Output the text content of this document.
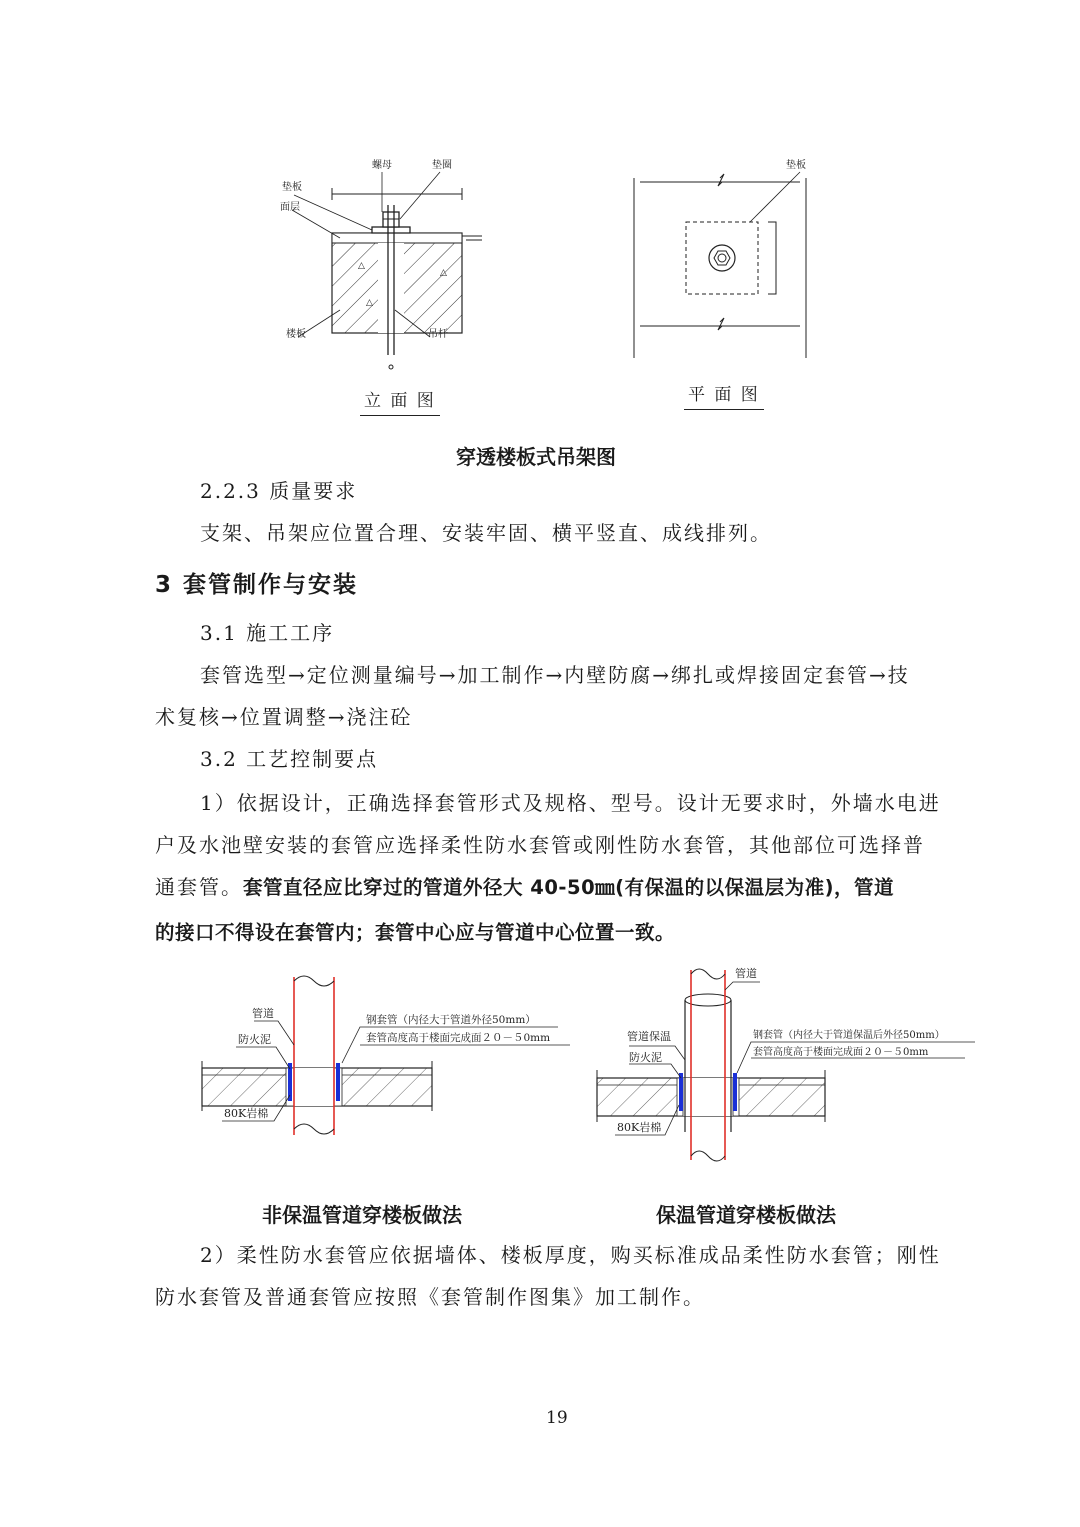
△
△
△
螺母	垫圈
垫板
面层
楼板	吊杆
立 面 图
垫板
平 面 图
穿透楼板式吊架图
2.2.3 质量要求
支架、吊架应位置合理、安装牢固、横平竖直、成线排列。
3 套管制作与安装
3.1 施工工序
套管选型→定位测量编号→加工制作→内壁防腐→绑扎或焊接固定套管→技
术复核→位置调整→浇注砼
3.2 工艺控制要点
1）依据设计，正确选择套管形式及规格、型号。设计无要求时，外墙水电进
户及水池壁安装的套管应选择柔性防水套管或刚性防水套管，其他部位可选择普
通套管。套管直径应比穿过的管道外径大 40-50㎜(有保温的以保温层为准)，管道
的接口不得设在套管内；套管中心应与管道中心位置一致。
管道
防火泥
80K岩棉
钢套管（内径大于管道外径50mm）
套管高度高于楼面完成面２０－５0mm
管道
管道保温
防火泥
80K岩棉
钢套管（内径大于管道保温后外径50mm）
套管高度高于楼面完成面２０－５0mm
非保温管道穿楼板做法	保温管道穿楼板做法
2）柔性防水套管应依据墙体、楼板厚度，购买标准成品柔性防水套管；刚性
防水套管及普通套管应按照《套管制作图集》加工制作。
19
